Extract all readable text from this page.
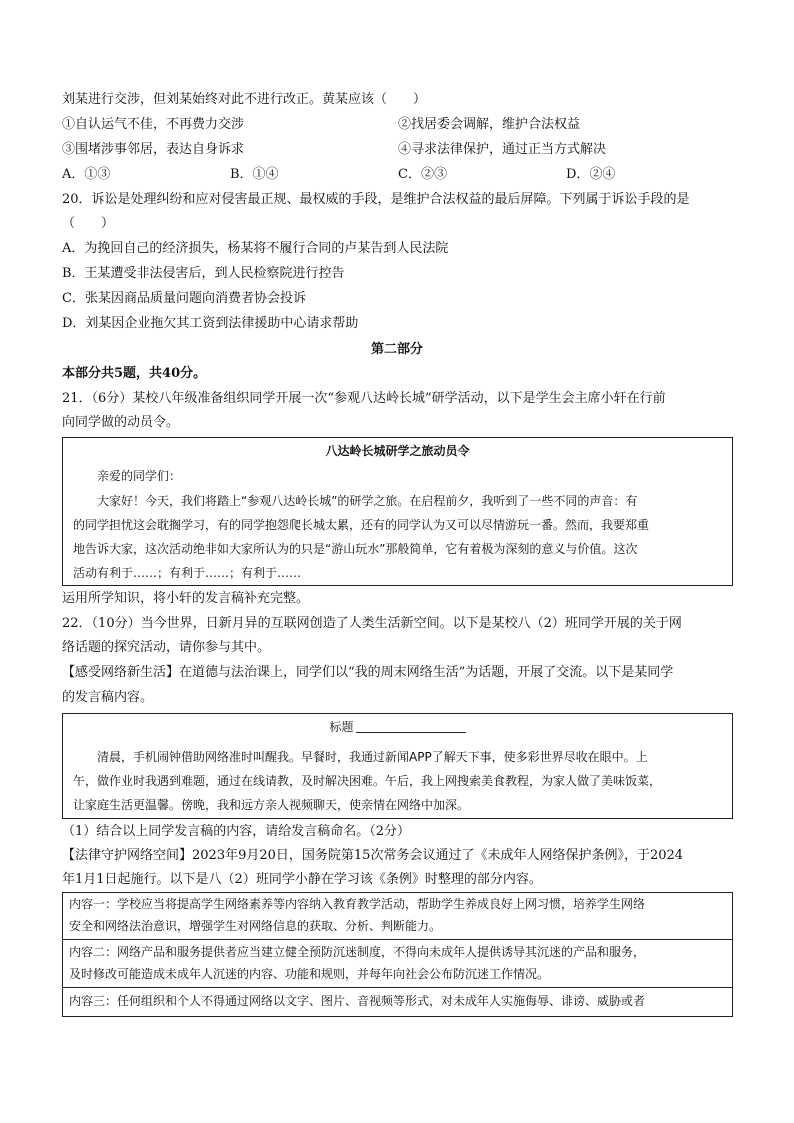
刘某进行交涉，但刘某始终对此不进行改正。黄某应该（　　）
①自认运气不佳，不再费力交涉	②找居委会调解，维护合法权益
③围堵涉事邻居，表达自身诉求	④寻求法律保护，通过正当方式解决
A．①③	B．①④	C．②③	D．②④
20．诉讼是处理纠纷和应对侵害最正规、最权威的手段，是维护合法权益的最后屏障。下列属于诉讼手段的是
（　　）
A．为挽回自己的经济损失，杨某将不履行合同的卢某告到人民法院
B．王某遭受非法侵害后，到人民检察院进行控告
C．张某因商品质量问题向消费者协会投诉
D．刘某因企业拖欠其工资到法律援助中心请求帮助
第二部分
本部分共5题，共40分。
21．（6分）某校八年级准备组织同学开展一次“参观八达岭长城”研学活动，以下是学生会主席小轩在行前
向同学做的动员令。
八达岭长城研学之旅动员令
亲爱的同学们：
大家好！今天，我们将踏上“参观八达岭长城”的研学之旅。在启程前夕，我听到了一些不同的声音：有
的同学担忧这会耽搁学习，有的同学抱怨爬长城太累，还有的同学认为又可以尽情游玩一番。然而，我要郑重
地告诉大家，这次活动绝非如大家所认为的只是“游山玩水”那般简单，它有着极为深刻的意义与价值。这次
活动有利于……；有利于……；有利于……
运用所学知识，将小轩的发言稿补充完整。
22．（10分）当今世界，日新月异的互联网创造了人类生活新空间。以下是某校八（2）班同学开展的关于网
络话题的探究活动，请你参与其中。
【感受网络新生活】在道德与法治课上，同学们以“我的周末网络生活”为话题，开展了交流。以下是某同学
的发言稿内容。
标题
清晨，手机闹钟借助网络准时叫醒我。早餐时，我通过新闻APP了解天下事，使多彩世界尽收在眼中。上
午，做作业时我遇到难题，通过在线请教，及时解决困难。午后，我上网搜索美食教程，为家人做了美味饭菜，
让家庭生活更温馨。傍晚，我和远方亲人视频聊天，使亲情在网络中加深。
（1）结合以上同学发言稿的内容，请给发言稿命名。（2分）
【法律守护网络空间】2023年9月20日，国务院第15次常务会议通过了《未成年人网络保护条例》，于2024
年1月1日起施行。以下是八（2）班同学小静在学习该《条例》时整理的部分内容。
内容一：学校应当将提高学生网络素养等内容纳入教育教学活动，帮助学生养成良好上网习惯，培养学生网络
安全和网络法治意识，增强学生对网络信息的获取、分析、判断能力。
内容二：网络产品和服务提供者应当建立健全预防沉迷制度，不得向未成年人提供诱导其沉迷的产品和服务，
及时修改可能造成未成年人沉迷的内容、功能和规则，并每年向社会公布防沉迷工作情况。
内容三：任何组织和个人不得通过网络以文字、图片、音视频等形式，对未成年人实施侮辱、诽谤、威胁或者
